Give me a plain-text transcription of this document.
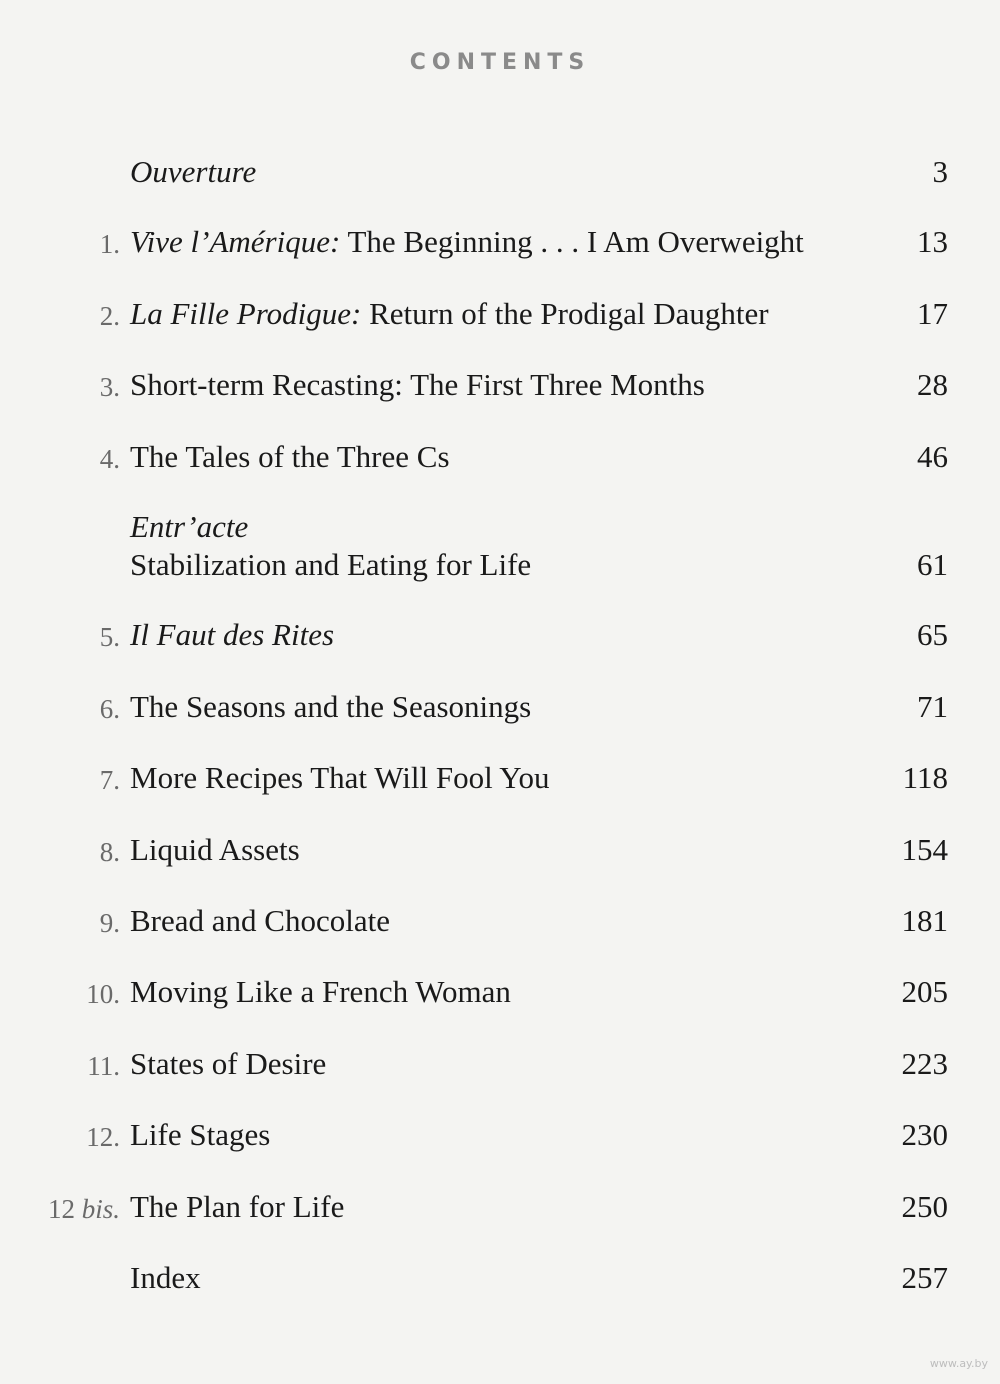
CONTENTS
Ouverture	3
1. Vive l’Amérique: The Beginning . . . I Am Overweight	13
2. La Fille Prodigue: Return of the Prodigal Daughter	17
3. Short-term Recasting: The First Three Months	28
4. The Tales of the Three Cs	46
Entr’acte
Stabilization and Eating for Life	61
5. Il Faut des Rites	65
6. The Seasons and the Seasonings	71
7. More Recipes That Will Fool You	118
8. Liquid Assets	154
9. Bread and Chocolate	181
10. Moving Like a French Woman	205
11. States of Desire	223
12. Life Stages	230
12 bis. The Plan for Life	250
Index	257
www.ay.by
